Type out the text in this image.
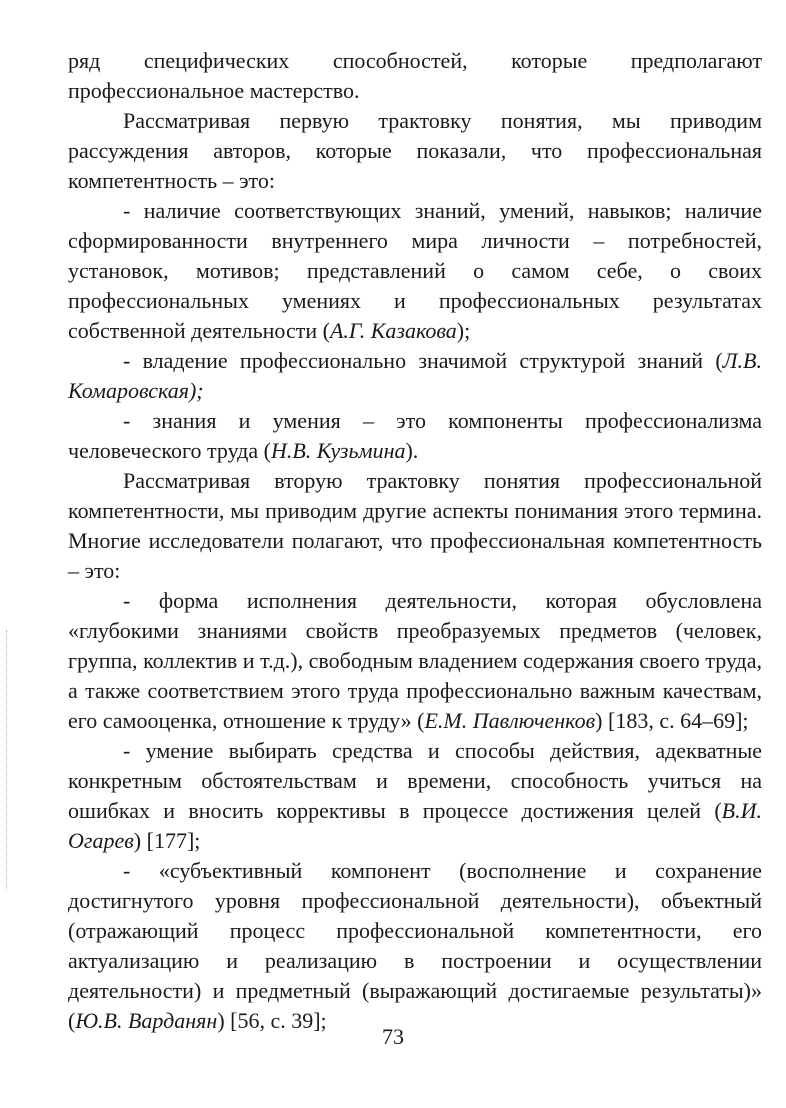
ряд специфических способностей, которые предполагают профессиональное мастерство.

Рассматривая первую трактовку понятия, мы приводим рассуждения авторов, которые показали, что профессиональная компетентность – это:

- наличие соответствующих знаний, умений, навыков; наличие сформированности внутреннего мира личности – потребностей, установок, мотивов; представлений о самом себе, о своих профессиональных умениях и профессиональных результатах собственной деятельности (А.Г. Казакова);

- владение профессионально значимой структурой знаний (Л.В. Комаровская);

- знания и умения – это компоненты профессионализма человеческого труда (Н.В. Кузьмина).

Рассматривая вторую трактовку понятия профессиональной компетентности, мы приводим другие аспекты понимания этого термина. Многие исследователи полагают, что профессиональная компетентность – это:

- форма исполнения деятельности, которая обусловлена «глубокими знаниями свойств преобразуемых предметов (человек, группа, коллектив и т.д.), свободным владением содержания своего труда, а также соответствием этого труда профессионально важным качествам, его самооценка, отношение к труду» (Е.М. Павлюченков) [183, с. 64–69];

- умение выбирать средства и способы действия, адекватные конкретным обстоятельствам и времени, способность учиться на ошибках и вносить коррективы в процессе достижения целей (В.И. Огарев) [177];

- «субъективный компонент (восполнение и сохранение достигнутого уровня профессиональной деятельности), объектный (отражающий процесс профессиональной компетентности, его актуализацию и реализацию в построении и осуществлении деятельности) и предметный (выражающий достигаемые результаты)» (Ю.В. Варданян) [56, с. 39];

73
